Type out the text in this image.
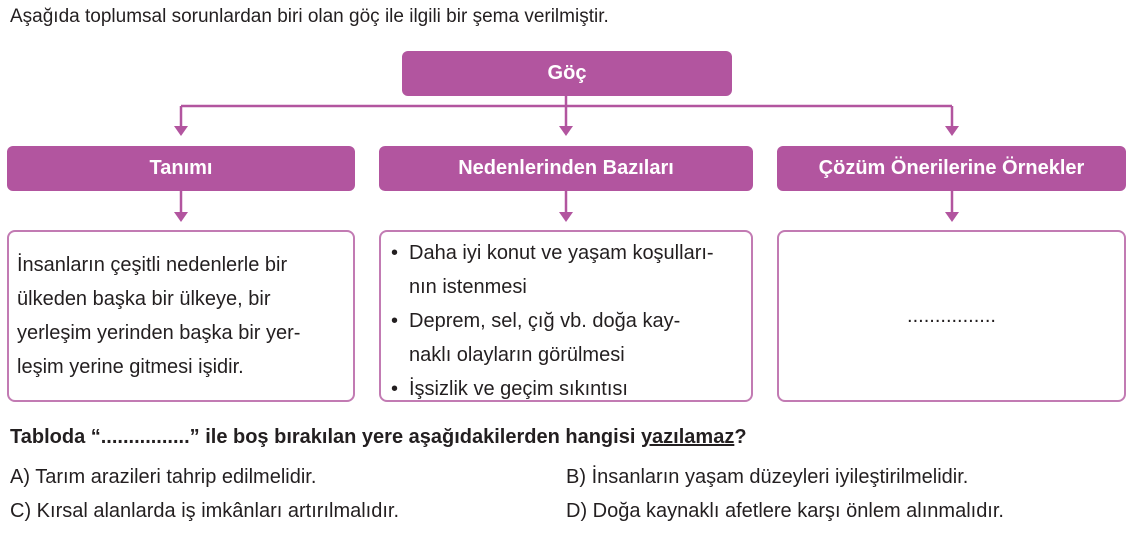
Aşağıda toplumsal sorunlardan biri olan göç ile ilgili bir şema verilmiştir.
Göç
Tanımı	Nedenlerinden Bazıları	Çözüm Önerilerine Örnekler
İnsanların çeşitli nedenlerle bir
ülkeden başka bir ülkeye, bir
yerleşim yerinden başka bir yer-
leşim yerine gitmesi işidir.
• Daha iyi konut ve yaşam koşulları-
nın istenmesi
• Deprem, sel, çığ vb. doğa kay-
naklı olayların görülmesi
• İşsizlik ve geçim sıkıntısı
................
Tabloda “................” ile boş bırakılan yere aşağıdakilerden hangisi yazılamaz?
A) Tarım arazileri tahrip edilmelidir.	B) İnsanların yaşam düzeyleri iyileştirilmelidir.
C) Kırsal alanlarda iş imkânları artırılmalıdır.	D) Doğa kaynaklı afetlere karşı önlem alınmalıdır.
